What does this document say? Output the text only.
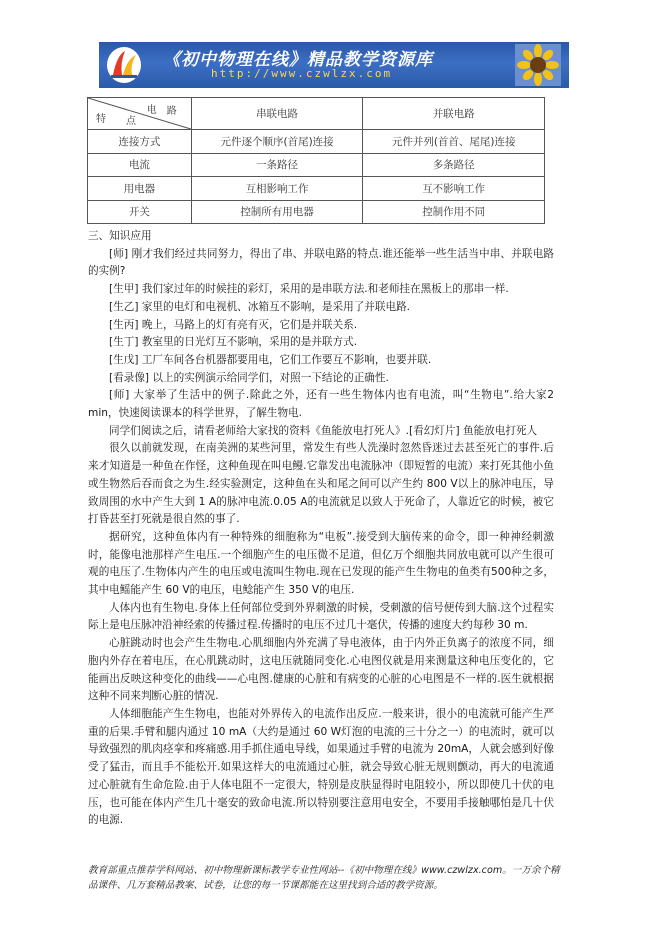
《初中物理在线》精品教学资源库
http://www.czwlzx.com
特
电 路
点	串联电路	并联电路
连接方式	元件逐个顺序(首尾)连接	元件并列(首首、尾尾)连接
电流	一条路径	多条路径
用电器	互相影响工作	互不影响工作
开关	控制所有用电器	控制作用不同

三、知识应用

[师] 刚才我们经过共同努力，得出了串、并联电路的特点.谁还能举一些生活当中串、并联电路的实例?

[生甲] 我们家过年的时候挂的彩灯，采用的是串联方法.和老师挂在黑板上的那串一样.

[生乙] 家里的电灯和电视机、冰箱互不影响，是采用了并联电路.

[生丙] 晚上，马路上的灯有亮有灭，它们是并联关系.

[生丁] 教室里的日光灯互不影响，采用的是并联方式.

[生戊] 工厂车间各台机器都要用电，它们工作要互不影响，也要并联.

[看录像] 以上的实例演示给同学们，对照一下结论的正确性.

[师] 大家举了生活中的例子.除此之外，还有一些生物体内也有电流，叫“生物电”.给大家2 min，快速阅读课本的科学世界，了解生物电.

同学们阅读之后，请看老师给大家找的资料《鱼能放电打死人》.[看幻灯片] 鱼能放电打死人

很久以前就发现，在南美洲的某些河里，常发生有些人洗澡时忽然昏迷过去甚至死亡的事件.后来才知道是一种鱼在作怪，这种鱼现在叫电鳗.它靠发出电流脉冲（即短暂的电流）来打死其他小鱼或生物然后吞而食之为生.经实验测定，这种鱼在头和尾之间可以产生约 800 V以上的脉冲电压，导致周围的水中产生大到 1 A的脉冲电流.0.05 A的电流就足以致人于死命了，人靠近它的时候，被它打昏甚至打死就是很自然的事了.

据研究，这种鱼体内有一种特殊的细胞称为“电板”.接受到大脑传来的命令，即一种神经刺激时，能像电池那样产生电压.一个细胞产生的电压微不足道，但亿万个细胞共同放电就可以产生很可观的电压了.生物体内产生的电压或电流叫生物电.现在已发现的能产生生物电的鱼类有500种之多，其中电鳐能产生 60 V的电压，电鲶能产生 350 V的电压.

人体内也有生物电.身体上任何部位受到外界刺激的时候，受刺激的信号便传到大脑.这个过程实际上是电压脉冲沿神经索的传播过程.传播时的电压不过几十毫伏，传播的速度大约每秒 30 m.

心脏跳动时也会产生生物电.心肌细胞内外充满了导电液体，由于内外正负离子的浓度不同，细胞内外存在着电压，在心肌跳动时，这电压就随同变化.心电图仪就是用来测量这种电压变化的，它能画出反映这种变化的曲线——心电图.健康的心脏和有病变的心脏的心电图是不一样的.医生就根据这种不同来判断心脏的情况.

人体细胞能产生生物电，也能对外界传入的电流作出反应.一般来讲，很小的电流就可能产生严重的后果.手臂和腿内通过 10 mA（大约是通过 60 W灯泡的电流的三十分之一）的电流时，就可以导致强烈的肌肉痉挛和疼痛感.用手抓住通电导线，如果通过手臂的电流为 20mA，人就会感到好像受了猛击，而且手不能松开.如果这样大的电流通过心脏，就会导致心脏无规则颤动，再大的电流通过心脏就有生命危险.由于人体电阻不一定很大，特别是皮肤显得时电阻较小，所以即使几十伏的电压，也可能在体内产生几十毫安的致命电流.所以特别要注意用电安全，不要用手接触哪怕是几十伏的电源.

教育部重点推荐学科网站、初中物理新课标教学专业性网站--《初中物理在线》www.czwlzx.com。一万余个精品课件、几万套精品教案、试卷，让您的每一节课都能在这里找到合适的教学资源。
